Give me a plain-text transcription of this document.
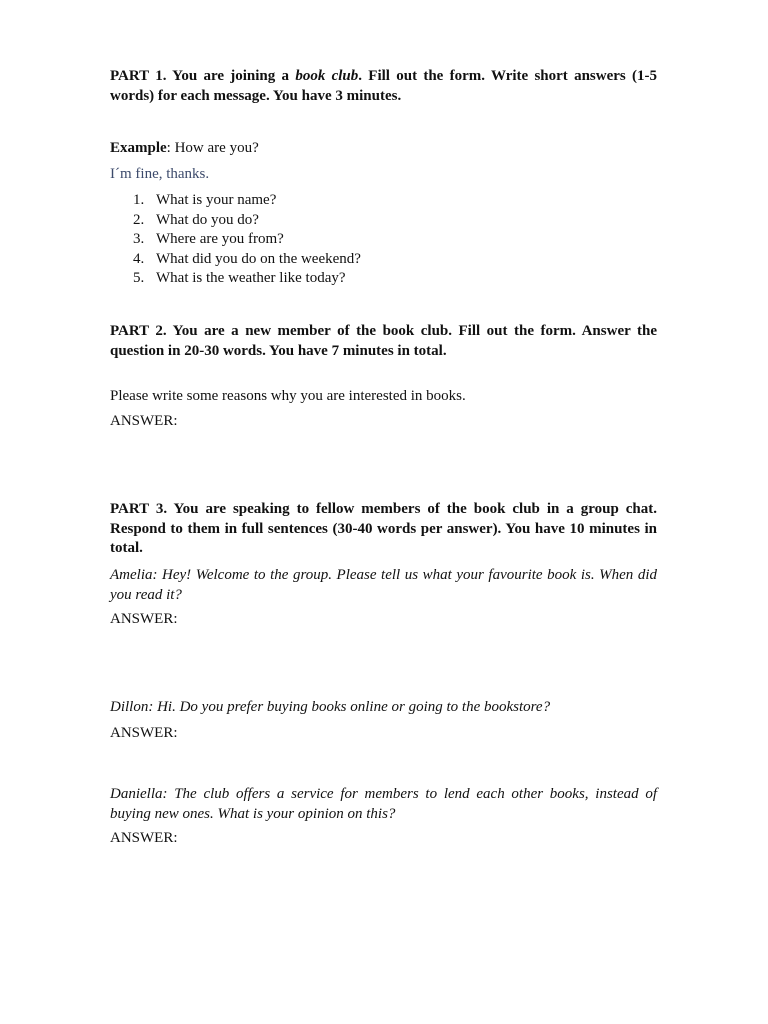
PART 1. You are joining a book club. Fill out the form. Write short answers (1-5 words) for each message. You have 3 minutes.
Example: How are you?
I´m fine, thanks.
1. What is your name?
2. What do you do?
3. Where are you from?
4. What did you do on the weekend?
5. What is the weather like today?
PART 2. You are a new member of the book club. Fill out the form. Answer the question in 20-30 words. You have 7 minutes in total.
Please write some reasons why you are interested in books.
ANSWER:
PART 3. You are speaking to fellow members of the book club in a group chat. Respond to them in full sentences (30-40 words per answer). You have 10 minutes in total.
Amelia: Hey! Welcome to the group. Please tell us what your favourite book is. When did you read it?
ANSWER:
Dillon: Hi. Do you prefer buying books online or going to the bookstore?
ANSWER:
Daniella: The club offers a service for members to lend each other books, instead of buying new ones. What is your opinion on this?
ANSWER:
